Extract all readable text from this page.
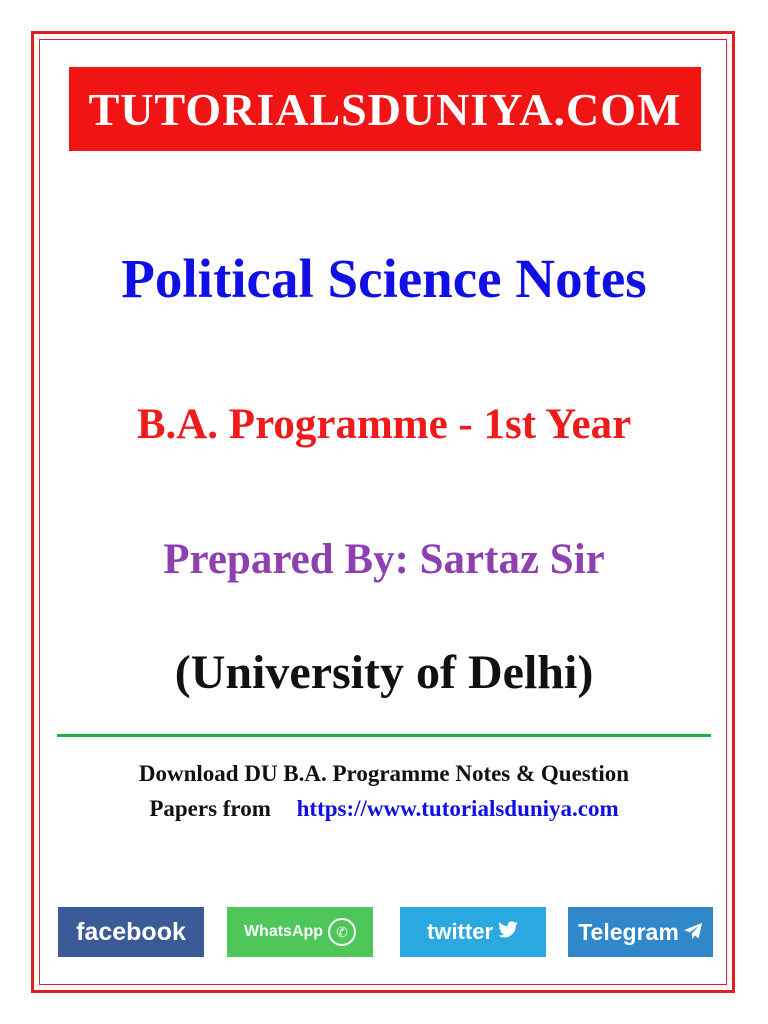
TUTORIALSDUNIYA.COM
Political Science Notes
B.A. Programme - 1st Year
Prepared By: Sartaz Sir
(University of Delhi)
Download DU B.A. Programme Notes & Question
Papers from https://www.tutorialsduniya.com
facebook	WhatsApp ✆	twitter	Telegram
